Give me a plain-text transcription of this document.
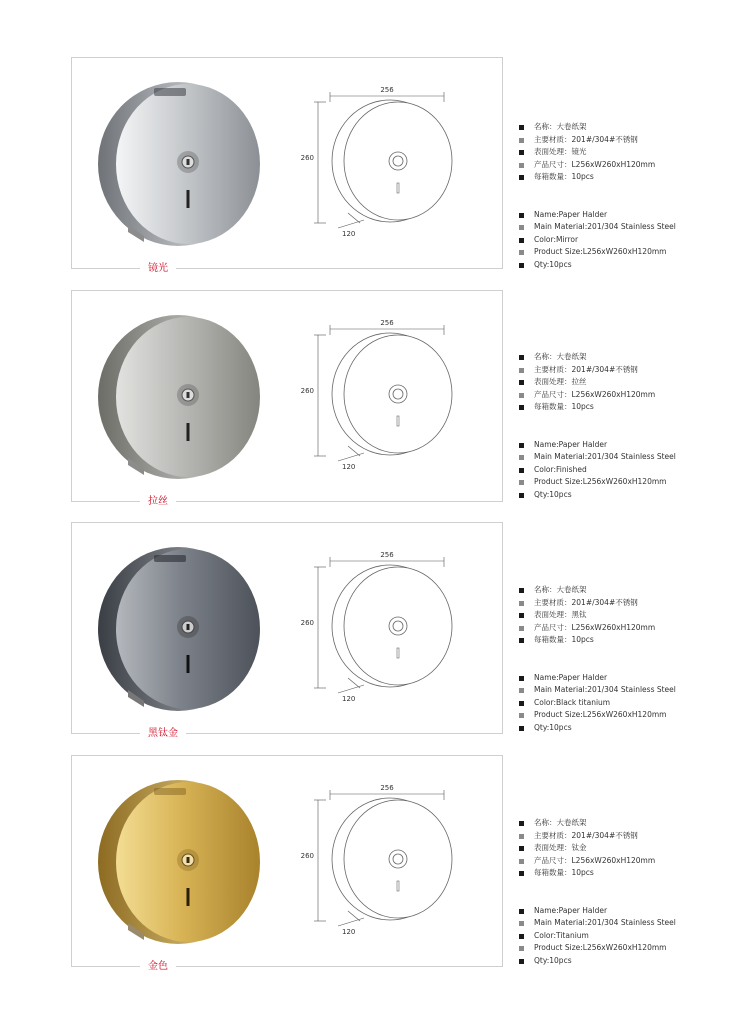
256
260
120
镜光
名称：大卷纸架
主要材质：201#/304#不锈钢
表面处理：镜光
产品尺寸：L256xW260xH120mm
每箱数量：10pcs
Name:Paper Halder
Main Material:201/304 Stainless Steel
Color:Mirror
Product Size:L256xW260xH120mm
Qty:10pcs
256
260
120
拉丝
名称：大卷纸架
主要材质：201#/304#不锈钢
表面处理：拉丝
产品尺寸：L256xW260xH120mm
每箱数量：10pcs
Name:Paper Halder
Main Material:201/304 Stainless Steel
Color:Finished
Product Size:L256xW260xH120mm
Qty:10pcs
256
260
120
黑钛金
名称：大卷纸架
主要材质：201#/304#不锈钢
表面处理：黑钛
产品尺寸：L256xW260xH120mm
每箱数量：10pcs
Name:Paper Halder
Main Material:201/304 Stainless Steel
Color:Black titanium
Product Size:L256xW260xH120mm
Qty:10pcs
256
260
120
金色
名称：大卷纸架
主要材质：201#/304#不锈钢
表面处理：钛金
产品尺寸：L256xW260xH120mm
每箱数量：10pcs
Name:Paper Halder
Main Material:201/304 Stainless Steel
Color:Titanium
Product Size:L256xW260xH120mm
Qty:10pcs
